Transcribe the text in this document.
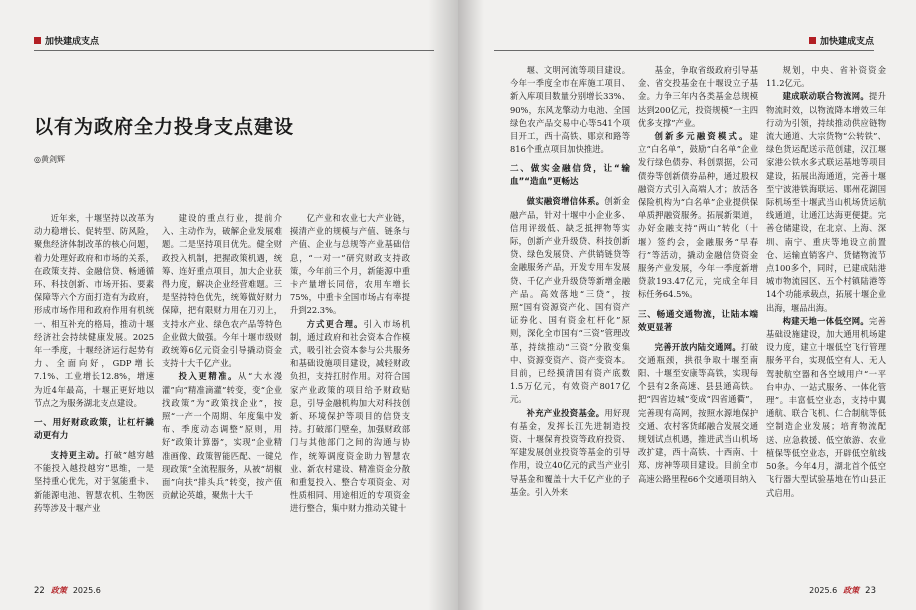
加快建成支点
以有为政府全力投身支点建设
◎黄剑辉

近年来，十堰坚持以改革为动力稳增长、促转型、防风险，聚焦经济体制改革的核心问题，着力处理好政府和市场的关系，在政策支持、金融信贷、畅通循环、科技创新、市场开拓、要素保障等六个方面打造有为政府，形成市场作用和政府作用有机统一、相互补充的格局，推动十堰经济社会持续健康发展。2025年一季度，十堰经济运行起势有力、全面向好，GDP增长7.1%、工业增长12.8%，增速为近4年最高，十堰正更好地以节点之为服务湖北支点建设。

一、用好财政政策，让杠杆撬动更有力

支持更主动。打破“越穷越不能投入越投越穷”思维，一是坚持重心优先，对于氢能重卡、新能源电池、智慧农机、生物医药等涉及十堰产业

建设的重点行业，提前介入、主动作为，破解企业发展难题。二是坚持项目优先。健全财政投入机制，把握政策机遇，统筹、连好重点项目，加大企业获得力度，解决企业经营难题。三是坚持特色优先，统筹做好财力保障，把有限财力用在刀刃上，支持水产业、绿色农产品等特色企业做大做强。今年十堰市级财政统筹6亿元资金引导撬动资金支持十大千亿产业。

投入更精准。从“大水漫灌”向“精准滴灌”转变，变“企业找政策”为“政策找企业”，按照“一产一个周期、年度集中发布、季度动态调整”原则，用好“政策计算器”，实现“企业精准画像、政策智能匹配、一键兑现政策”全流程服务，从被“胡椒面”向扶“排头兵”转变，按产值贡献论英雄，聚焦十大千

亿产业和农业七大产业链，摸清产业的规模与产值、链条与产值、企业与总规等产业基础信息，“一对一”研究财政支持政策，今年前三个月，新能源中重卡产量增长同倍，农用车增长75%，中重卡全国市场占有率提升到22.3%。

方式更合理。引入市场机制，通过政府和社会资本合作模式，吸引社会资本参与公共服务和基础设施项目建设，减轻财政负担，支持扛肘作用。对符合国家产业政策的项目给予财政贴息，引导金融机构加大对科技创新、环境保护等项目的信贷支持。打破部门壁垒，加强财政部门与其他部门之间的沟通与协作，统筹调度资金助力智慧农业、新农村建设、精准资金分散和重复投入、整合专项资金、对性质相同、用途相近的专项资金进行整合，集中财力推动关键十

22 政策 2025.6
加快建成支点

堰、文明河流等项目建设。今年一季度全市在库施工项目、新入库项目数量分别增长33%、90%，东风龙擎动力电池、全国绿色农产品交易中心等541个项目开工，西十高铁、郧京和路等816个重点项目加快推进。

二、做实金融信贷，让“输血”“造血”更畅达

做实融资增信体系。创新金融产品，针对十堰中小企业多、信用评级低、缺乏抵押物等实际，创新产业升级贷、科技创新贷、绿色发展贷、产供销链贷等金融服务产品，开发专用车发展贷、千亿产业升级贷等新增金融产品。高效落地“三贷”，按照“国有资源资产化、国有资产证券化、国有资金杠杆化”原则，深化全市国有“三资”管理改革，持续推动“三资”分散变集中、资源变资产、资产变资本。目前，已经摸清国有资产底数1.5万亿元，有效资产8017亿元。

补充产业投资基金。用好现有基金，发挥长江先进制造投资、十堰保育投资等政府投资、军建发展创业投资等基金的引导作用，设立40亿元的武当产业引导基金和覆盖十大千亿产业的子基金。引入外来

基金，争取省级政府引导基金、省交投基金在十堰设立子基金。力争三年内各类基金总规模达到200亿元，投资规模“一主四优多支撑”产业。

创新多元融资模式。建立“白名单”，鼓励“白名单”企业发行绿色债券、科创票据，公司债券等创新债券品种，通过股权融资方式引入高端人才；放活各保险机构为“白名单”企业提供保单质押融资服务。拓展新渠道，办好金融支持“两山”转化（十堰）签约会，金融服务“早春行”等活动，撬动金融信贷资金服务产业发展，今年一季度新增贷款193.47亿元，完成全年目标任务64.5%。

三、畅通交通物流，让陆本端效更显著

完善开放内陆交通网。打破交通瓶颈，拱很争取十堰至南阳、十堰至安康等高铁，实现每个县有2条高速、县县通高铁。把“四省边城”变成“四省通衢”，完善现有高网，按照水源地保护交通、农村客货邮融合发展交通规划试点机遇，推进武当山机场改扩建，西十高铁、十西南、十郑、房神等项目建设。目前全市高速公路里程66个交通项目纳入

规划，中央、省补资资金11.2亿元。

建成联动联合物流网。提升物流时效，以物流降本增效三年行动为引领，持续推动供应链物流大通道、大宗货物“公转铁”、绿色货运配送示范创建，汉江堰家港公铁水多式联运基地等项目建设，拓展出海通道，完善十堰至宁波港铁海联运、郧州花湖国际机场至十堰武当山机场货运航线通道，让通江达海更便捷。完善仓储建设，在北京、上海、深圳、南宁、重庆等地设立前置仓、运输直销客户、货储物流节点100多个，同时，已建成陆港城市物流园区、五个村镇陆港等14个功能承载点，拓展十堰企业出海，堰品出海。

构建天地一体低空网。完善基础设施建设，加大通用机场建设力度，建立十堰低空飞行管理服务平台，实现低空有人、无人驾驶航空器和各空域用户“一平台申办、一站式服务、一体化管理”。丰富低空业态，支持中翼通航、联合飞机、仁合制航等低空制造企业发展；培育物流配送、应急救援、低空旅游、农业植保等低空业态，开辟低空航线50条。今年4月，湖北首个低空飞行器大型试验基地在竹山县正式启用。

2025.6 政策 23
